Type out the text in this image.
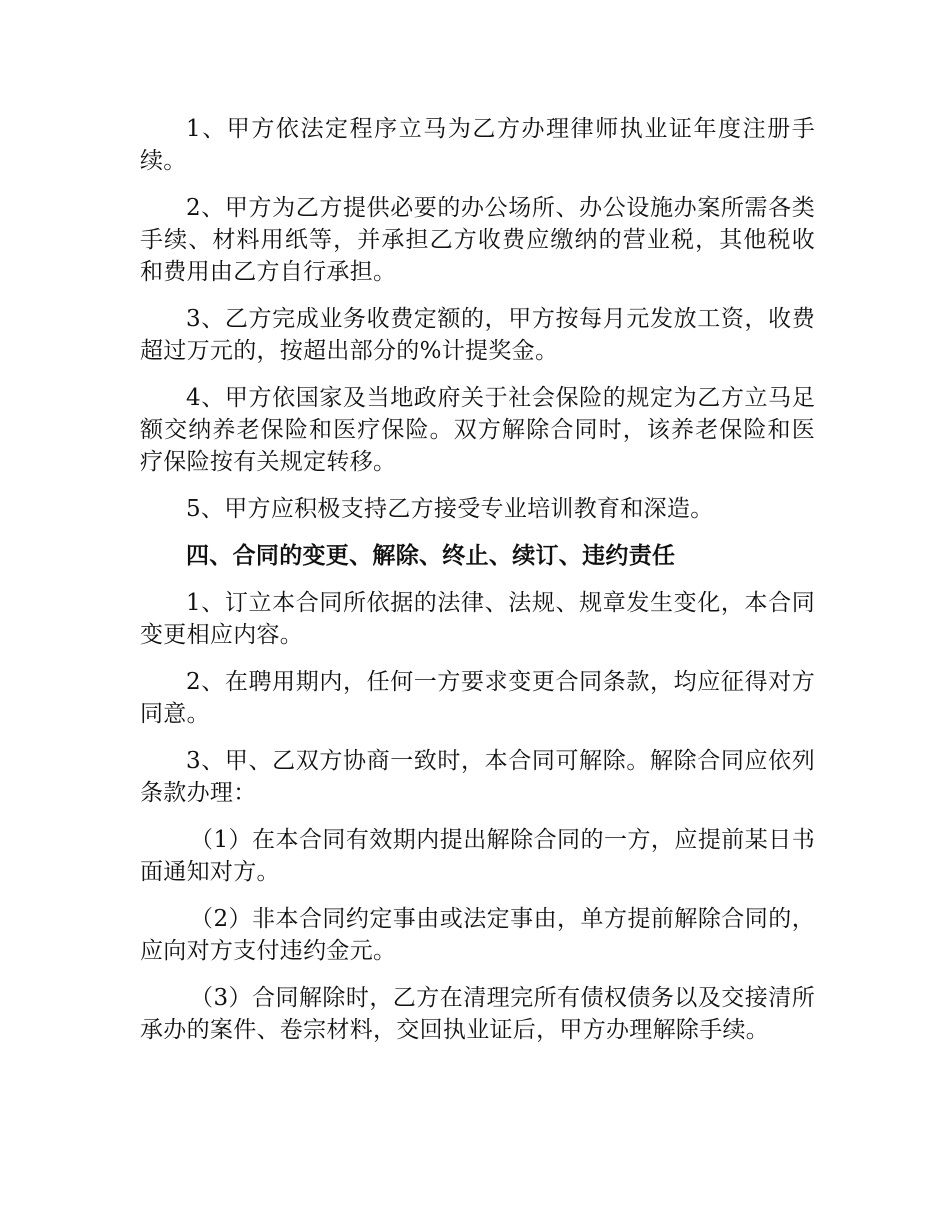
1、甲方依法定程序立马为乙方办理律师执业证年度注册手续。

2、甲方为乙方提供必要的办公场所、办公设施办案所需各类手续、材料用纸等，并承担乙方收费应缴纳的营业税，其他税收和费用由乙方自行承担。

3、乙方完成业务收费定额的，甲方按每月元发放工资，收费超过万元的，按超出部分的%计提奖金。

4、甲方依国家及当地政府关于社会保险的规定为乙方立马足额交纳养老保险和医疗保险。双方解除合同时，该养老保险和医疗保险按有关规定转移。

5、甲方应积极支持乙方接受专业培训教育和深造。

四、合同的变更、解除、终止、续订、违约责任

1、订立本合同所依据的法律、法规、规章发生变化，本合同变更相应内容。

2、在聘用期内，任何一方要求变更合同条款，均应征得对方同意。

3、甲、乙双方协商一致时，本合同可解除。解除合同应依列条款办理：

（1）在本合同有效期内提出解除合同的一方，应提前某日书面通知对方。

（2）非本合同约定事由或法定事由，单方提前解除合同的，应向对方支付违约金元。

（3）合同解除时，乙方在清理完所有债权债务以及交接清所承办的案件、卷宗材料，交回执业证后，甲方办理解除手续。
